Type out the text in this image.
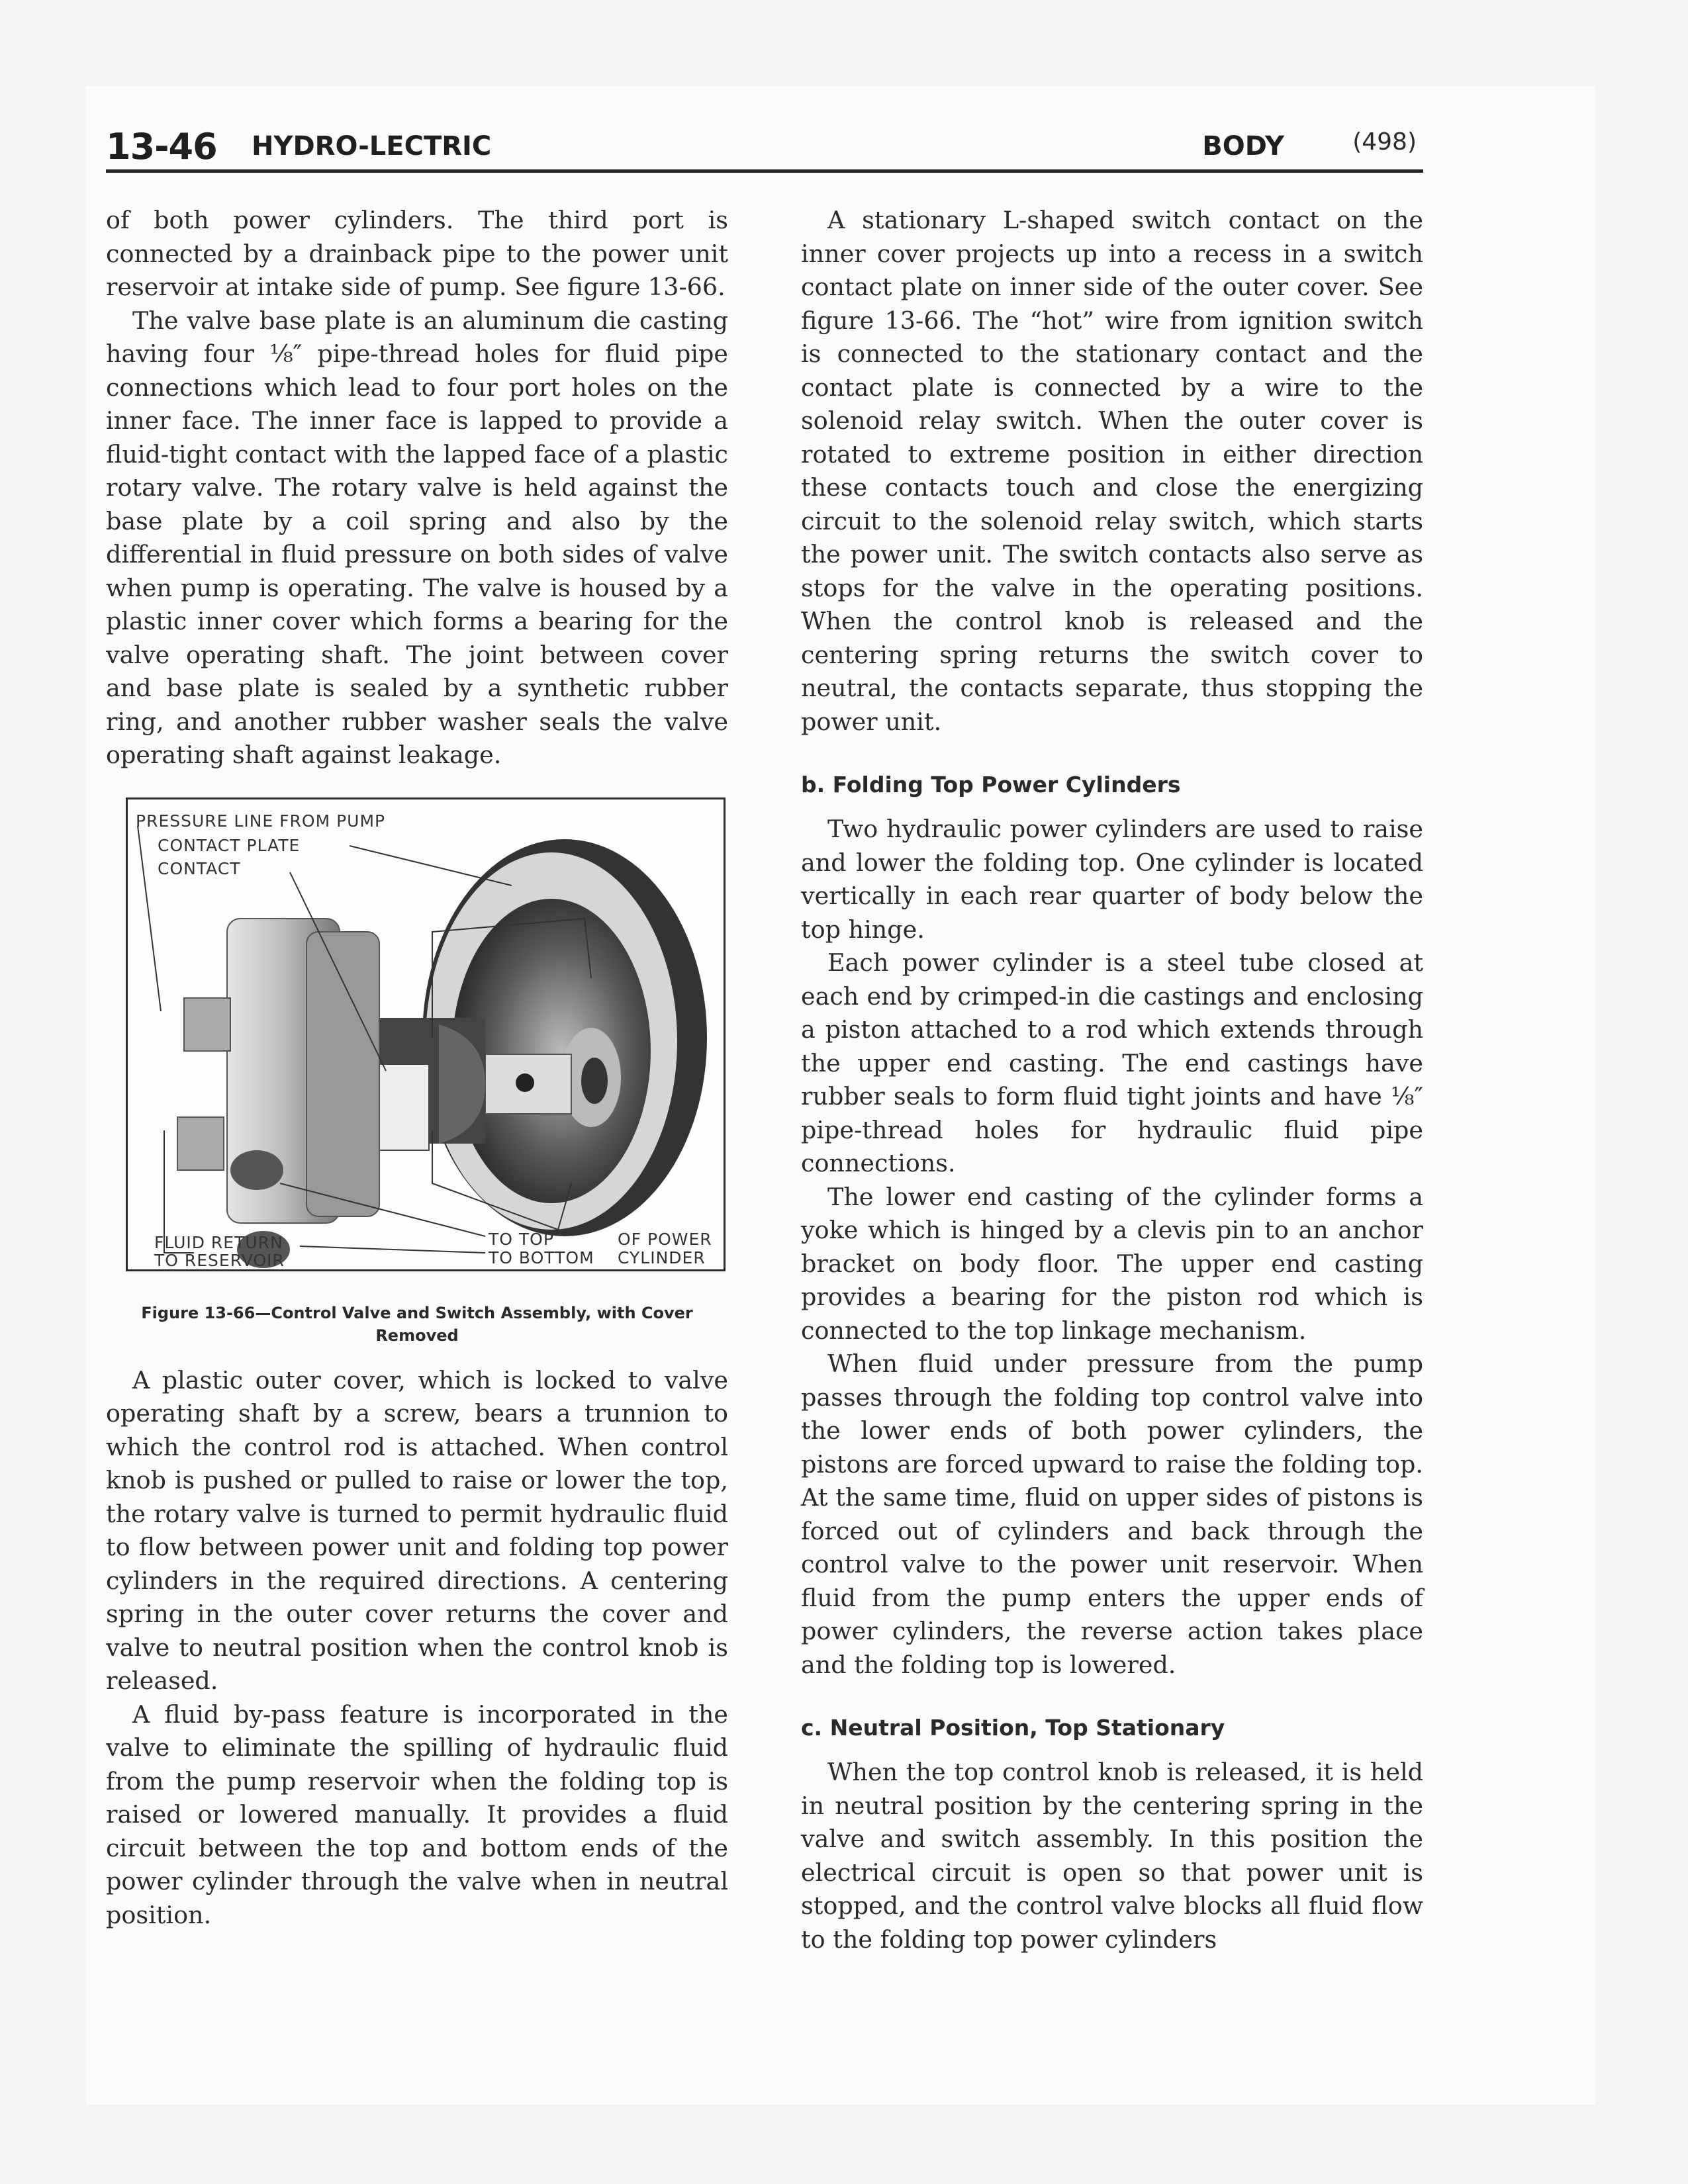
13-46 HYDRO-LECTRIC	BODY	(498)

of both power cylinders. The third port is connected by a drainback pipe to the power unit reservoir at intake side of pump. See figure 13-66.

The valve base plate is an aluminum die casting having four ⅛″ pipe-thread holes for fluid pipe connections which lead to four port holes on the inner face. The inner face is lapped to provide a fluid-tight contact with the lapped face of a plastic rotary valve. The rotary valve is held against the base plate by a coil spring and also by the differential in fluid pressure on both sides of valve when pump is operating. The valve is housed by a plastic inner cover which forms a bearing for the valve operating shaft. The joint between cover and base plate is sealed by a synthetic rubber ring, and another rubber washer seals the valve operating shaft against leakage.

PRESSURE LINE FROM PUMP
CONTACT PLATE
CONTACT
FLUID RETURN
TO RESERVOIR
TO TOP
TO BOTTOM
OF POWER
CYLINDER
Figure 13-66—Control Valve and Switch Assembly, with Cover Removed

A plastic outer cover, which is locked to valve operating shaft by a screw, bears a trunnion to which the control rod is attached. When control knob is pushed or pulled to raise or lower the top, the rotary valve is turned to permit hydraulic fluid to flow between power unit and folding top power cylinders in the required directions. A centering spring in the outer cover returns the cover and valve to neutral position when the control knob is released.

A fluid by-pass feature is incorporated in the valve to eliminate the spilling of hydraulic fluid from the pump reservoir when the folding top is raised or lowered manually. It provides a fluid circuit between the top and bottom ends of the power cylinder through the valve when in neutral position.

A stationary L-shaped switch contact on the inner cover projects up into a recess in a switch contact plate on inner side of the outer cover. See figure 13-66. The “hot” wire from ignition switch is connected to the stationary contact and the contact plate is connected by a wire to the solenoid relay switch. When the outer cover is rotated to extreme position in either direction these contacts touch and close the energizing circuit to the solenoid relay switch, which starts the power unit. The switch contacts also serve as stops for the valve in the operating positions. When the control knob is released and the centering spring returns the switch cover to neutral, the contacts separate, thus stopping the power unit.

b. Folding Top Power Cylinders

Two hydraulic power cylinders are used to raise and lower the folding top. One cylinder is located vertically in each rear quarter of body below the top hinge.

Each power cylinder is a steel tube closed at each end by crimped-in die castings and enclosing a piston attached to a rod which extends through the upper end casting. The end castings have rubber seals to form fluid tight joints and have ⅛″ pipe-thread holes for hydraulic fluid pipe connections.

The lower end casting of the cylinder forms a yoke which is hinged by a clevis pin to an anchor bracket on body floor. The upper end casting provides a bearing for the piston rod which is connected to the top linkage mechanism.

When fluid under pressure from the pump passes through the folding top control valve into the lower ends of both power cylinders, the pistons are forced upward to raise the folding top. At the same time, fluid on upper sides of pistons is forced out of cylinders and back through the control valve to the power unit reservoir. When fluid from the pump enters the upper ends of power cylinders, the reverse action takes place and the folding top is lowered.

c. Neutral Position, Top Stationary

When the top control knob is released, it is held in neutral position by the centering spring in the valve and switch assembly. In this position the electrical circuit is open so that power unit is stopped, and the control valve blocks all fluid flow to the folding top power cylinders
